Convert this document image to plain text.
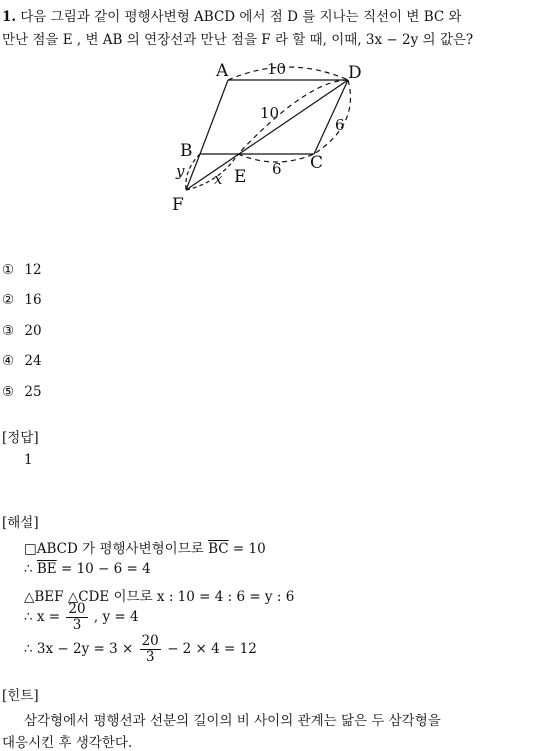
1. 다음 그림과 같이 평행사변형 ABCD 에서 점 D 를 지나는 직선이 변 BC 와
만난 점을 E , 변 AB 의 연장선과 만난 점을 F 라 할 때, 이때, 3x − 2y 의 값은?
A	D
B
C
E
F
10
10
6
6
x
y
① 12
② 16
③ 20
④ 24
⑤ 25
[정답]
1
[해설]
□ABCD 가 평행사변형이므로 $\overline{BC} = 10$
∴ $\overline{BE} = 10 - 6 = 4$
△BEF △CDE 이므로 x : 10 = 4 : 6 = y : 6
∴ $x = \frac{20}{3}$ , y = 4
∴ $3x - 2y = 3 \times \frac{20}{3} - 2 \times 4 = 12$
[힌트]
삼각형에서 평행선과 선분의 길이의 비 사이의 관계는 닮은 두 삼각형을
대응시킨 후 생각한다.
